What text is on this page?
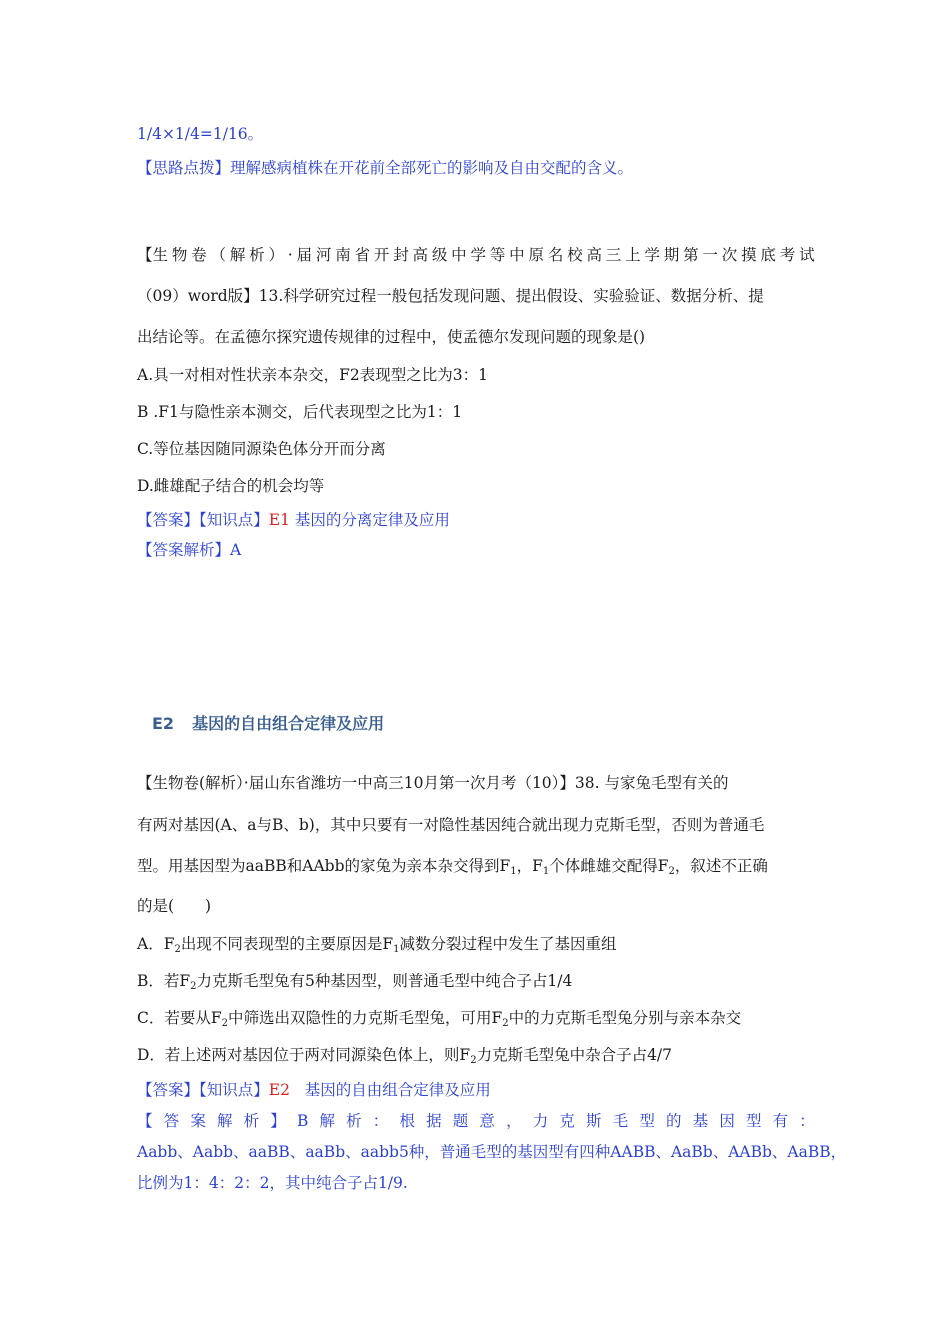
1/4×1/4=1/16。
【思路点拨】理解感病植株在开花前全部死亡的影响及自由交配的含义。
【生 物 卷 （ 解 析 ） · 届 河 南 省 开 封 高 级 中 学 等 中 原 名 校 高 三 上 学 期 第 一 次 摸 底 考 试
（09）word版】13.科学研究过程一般包括发现问题、提出假设、实验验证、数据分析、提
出结论等。在孟德尔探究遗传规律的过程中，使孟德尔发现问题的现象是()
A.具一对相对性状亲本杂交，F2表现型之比为3：1
B .F1与隐性亲本测交，后代表现型之比为1：1
C.等位基因随同源染色体分开而分离
D.雌雄配子结合的机会均等
【答案】【知识点】E1 基因的分离定律及应用
【答案解析】A
E2 基因的自由组合定律及应用
【生物卷(解析）·届山东省潍坊一中高三10月第一次月考（10）】38. 与家兔毛型有关的
有两对基因(A、a与B、b)，其中只要有一对隐性基因纯合就出现力克斯毛型，否则为普通毛
型。用基因型为aaBB和AAbb的家兔为亲本杂交得到$F_1$，$F_1$个体雌雄交配得$F_2$，叙述不正确
的是(　　)
A．$F_2$出现不同表现型的主要原因是$F_1$减数分裂过程中发生了基因重组
B．若$F_2$力克斯毛型兔有5种基因型，则普通毛型中纯合子占1/4
C．若要从$F_2$中筛选出双隐性的力克斯毛型兔，可用$F_2$中的力克斯毛型兔分别与亲本杂交
D．若上述两对基因位于两对同源染色体上，则$F_2$力克斯毛型兔中杂合子占4/7
【答案】【知识点】E2 基因的自由组合定律及应用
【 答 案 解 析 】 B 解 析 ： 根 据 题 意 ， 力 克 斯 毛 型 的 基 因 型 有 ：
Aabb、Aabb、aaBB、aaBb、aabb5种，普通毛型的基因型有四种AABB、AaBb、AABb、AaBB，
比例为1：4：2：2，其中纯合子占1/9.
